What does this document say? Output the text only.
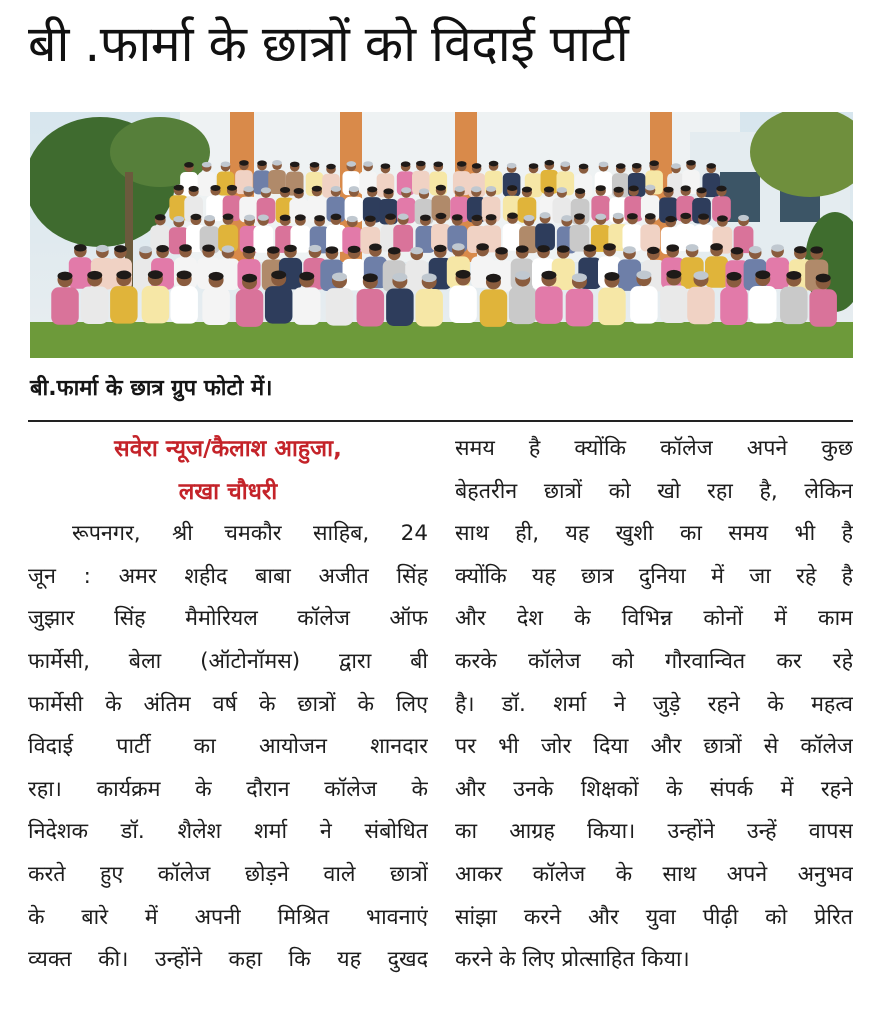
बी .फार्मा के छात्रों को विदाई पार्टी
बी.फार्मा के छात्र ग्रुप फोटो में।
सवेरा न्यूज/कैलाश आहुजा,
लखा चौधरी
रूपनगर, श्री चमकौर साहिब, 24
जून : अमर शहीद बाबा अजीत सिंह
जुझार सिंह मैमोरियल कॉलेज ऑफ
फार्मेसी, बेला (ऑटोनॉमस) द्वारा बी
फार्मेसी के अंतिम वर्ष के छात्रों के लिए
विदाई पार्टी का आयोजन शानदार
रहा। कार्यक्रम के दौरान कॉलेज के
निदेशक डॉ. शैलेश शर्मा ने संबोधित
करते हुए कॉलेज छोड़ने वाले छात्रों
के बारे में अपनी मिश्रित भावनाएं
व्यक्त की। उन्होंने कहा कि यह दुखद
समय है क्योंकि कॉलेज अपने कुछ
बेहतरीन छात्रों को खो रहा है, लेकिन
साथ ही, यह खुशी का समय भी है
क्योंकि यह छात्र दुनिया में जा रहे है
और देश के विभिन्न कोनों में काम
करके कॉलेज को गौरवान्वित कर रहे
है। डॉ. शर्मा ने जुड़े रहने के महत्व
पर भी जोर दिया और छात्रों से कॉलेज
और उनके शिक्षकों के संपर्क में रहने
का आग्रह किया। उन्होंने उन्हें वापस
आकर कॉलेज के साथ अपने अनुभव
सांझा करने और युवा पीढ़ी को प्रेरित
करने के लिए प्रोत्साहित किया।
